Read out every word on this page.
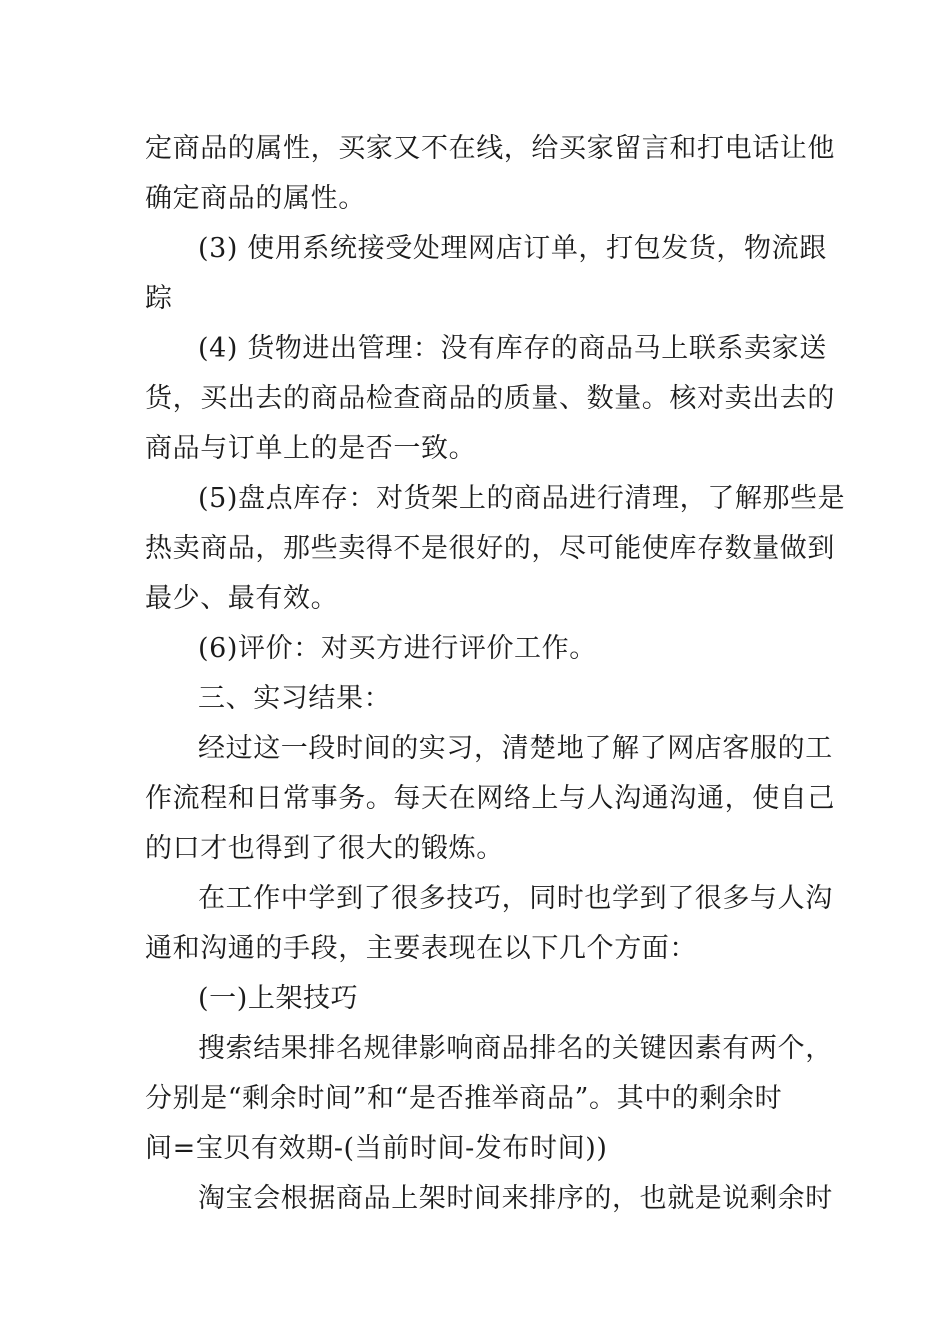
定商品的属性，买家又不在线，给买家留言和打电话让他
确定商品的属性。
(3) 使用系统接受处理网店订单，打包发货，物流跟
踪
(4) 货物进出管理：没有库存的商品马上联系卖家送
货，买出去的商品检查商品的质量、数量。核对卖出去的
商品与订单上的是否一致。
(5)盘点库存：对货架上的商品进行清理，了解那些是
热卖商品，那些卖得不是很好的，尽可能使库存数量做到
最少、最有效。
(6)评价：对买方进行评价工作。
三、实习结果：
经过这一段时间的实习，清楚地了解了网店客服的工
作流程和日常事务。每天在网络上与人沟通沟通，使自己
的口才也得到了很大的锻炼。
在工作中学到了很多技巧，同时也学到了很多与人沟
通和沟通的手段，主要表现在以下几个方面：
(一)上架技巧
搜索结果排名规律影响商品排名的关键因素有两个，
分别是“剩余时间”和“是否推举商品”。其中的剩余时
间=宝贝有效期-(当前时间-发布时间))
淘宝会根据商品上架时间来排序的，也就是说剩余时
